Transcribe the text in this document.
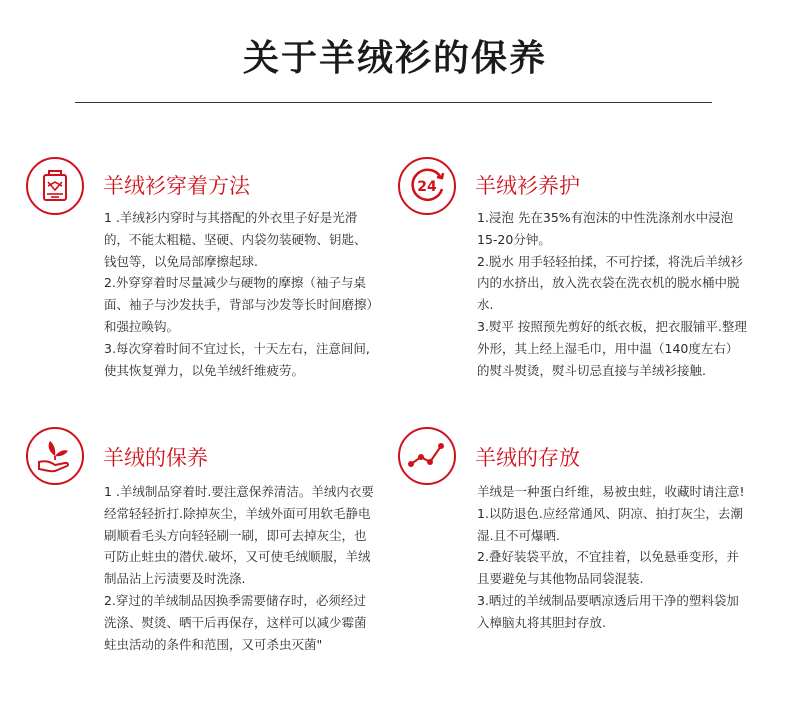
关于羊绒衫的保养
羊绒衫穿着方法

1 .羊绒衫内穿时与其搭配的外衣里子好是光滑的，不能太粗糙、坚硬、内袋勿装硬物、钥匙、钱包等，以免局部摩擦起球.

2.外穿穿着时尽量减少与硬物的摩擦（袖子与桌面、袖子与沙发扶手，背部与沙发等长时间磨擦）和强拉唤钩。

3.每次穿着时间不宜过长，十天左右，注意间间,使其恢复弹力，以免羊绒纤维疲劳。

24 羊绒衫养护

1.浸泡 先在35%有泡沫的中性洗涤剂水中浸泡15-20分钟。

2.脱水 用手轻轻拍揉，不可拧揉，将洗后羊绒衫内的水挤出，放入洗衣袋在洗衣机的脱水桶中脱水.

3.熨平 按照预先剪好的纸衣板，把衣服铺平.整理外形，其上经上湿毛巾，用中温（140度左右）的熨斗熨烫，熨斗切忌直接与羊绒衫接触.

羊绒的保养

1 .羊绒制品穿着时.要注意保养清洁。羊绒内衣要经常轻轻折打.除掉灰尘，羊绒外面可用软毛静电刷顺看毛头方向轻轻刷一刷，即可去掉灰尘，也可防止蛀虫的潜伏.破坏，又可使毛绒顺服，羊绒制品沾上污渍要及时洗涤.

2.穿过的羊绒制品因换季需要储存时，必须经过洗涤、熨烫、晒干后再保存，这样可以减少霉菌蛀虫活动的条件和范围，又可杀虫灭菌"

羊绒的存放

羊绒是一种蛋白纤维，易被虫蛀，收藏时请注意!

1.以防退色.应经常通风、阴凉、拍打灰尘，去潮湿.且不可爆晒.

2.叠好装袋平放，不宜挂着，以免悬垂变形，并且要避免与其他物品同袋混装.

3.晒过的羊绒制品要晒凉透后用干净的塑料袋加入樟脑丸将其胆封存放.
